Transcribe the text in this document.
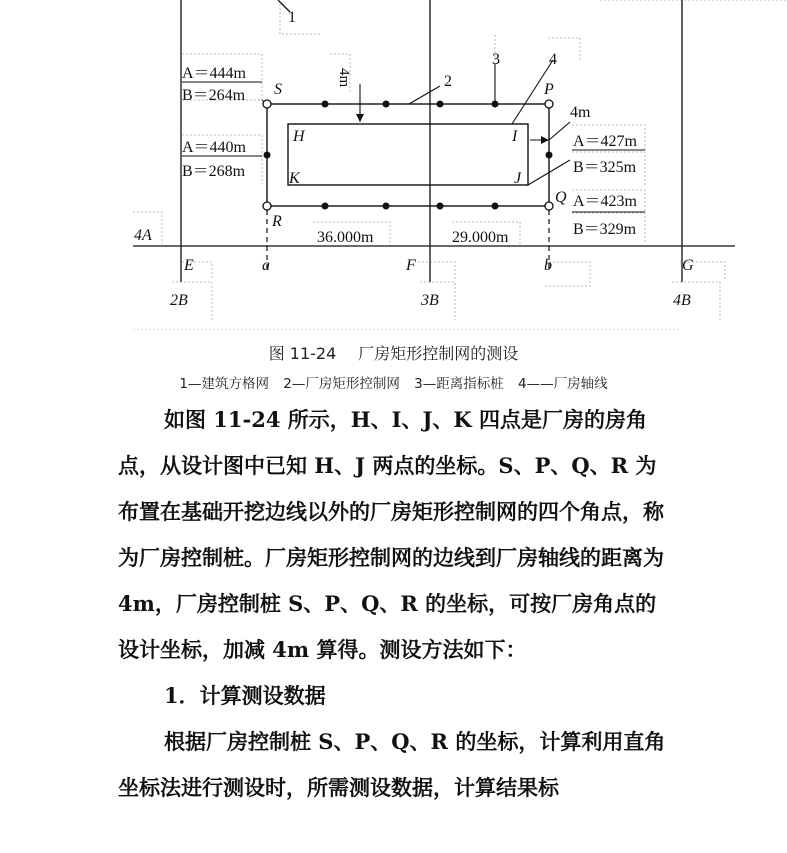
1
2
3	4
S	P
Q
R
H	I
J
K
4m
4m
A＝444m
B＝264m
A＝440m
B＝268m
A＝427m
B＝325m
A＝423m
B＝329m
36.000m	29.000m
4A
E	a	F	b	G
2B	3B	4B
图 11-24 厂房矩形控制网的测设
1—建筑方格网 2—厂房矩形控制网 3—距离指标桩 4——厂房轴线

如图 11-24 所示，H、I、J、K 四点是厂房的房角点，从设计图中已知 H、J 两点的坐标。S、P、Q、R 为布置在基础开挖边线以外的厂房矩形控制网的四个角点，称为厂房控制桩。厂房矩形控制网的边线到厂房轴线的距离为 4m，厂房控制桩 S、P、Q、R 的坐标，可按厂房角点的设计坐标，加减 4m 算得。测设方法如下：

1．计算测设数据

根据厂房控制桩 S、P、Q、R 的坐标，计算利用直角坐标法进行测设时，所需测设数据，计算结果标
